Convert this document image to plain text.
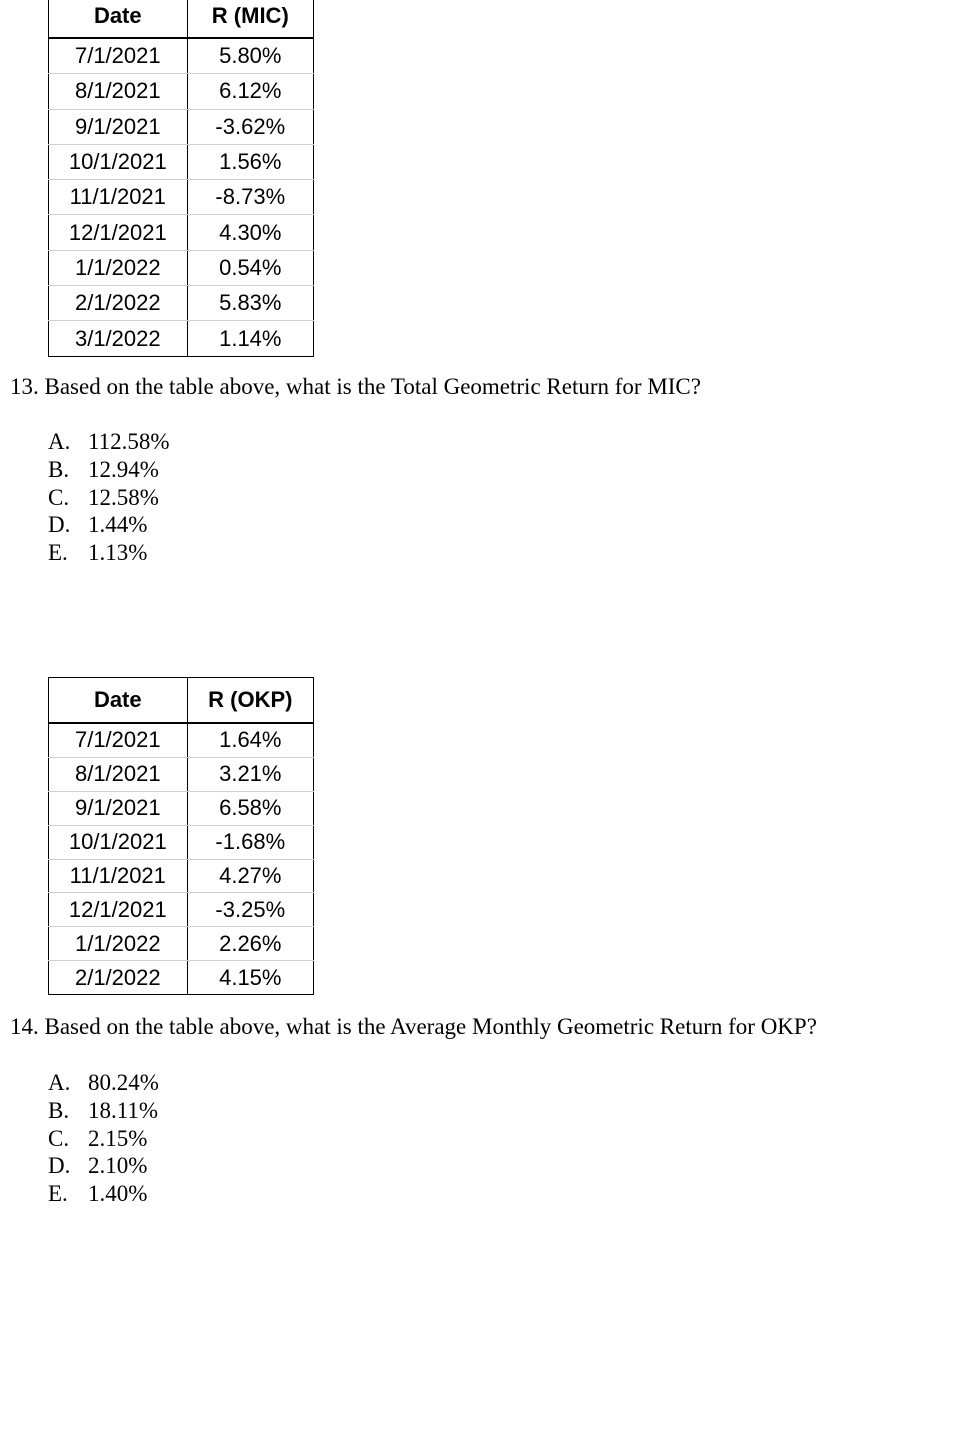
Date	R (MIC)
7/1/2021	5.80%
8/1/2021	6.12%
9/1/2021	-3.62%
10/1/2021	1.56%
11/1/2021	-8.73%
12/1/2021	4.30%
1/1/2022	0.54%
2/1/2022	5.83%
3/1/2022	1.14%

13. Based on the table above, what is the Total Geometric Return for MIC?

A. 112.58%
B. 12.94%
C. 12.58%
D. 1.44%
E. 1.13%
Date	R (OKP)
7/1/2021	1.64%
8/1/2021	3.21%
9/1/2021	6.58%
10/1/2021	-1.68%
11/1/2021	4.27%
12/1/2021	-3.25%
1/1/2022	2.26%
2/1/2022	4.15%

14. Based on the table above, what is the Average Monthly Geometric Return for OKP?

A. 80.24%
B. 18.11%
C. 2.15%
D. 2.10%
E. 1.40%
